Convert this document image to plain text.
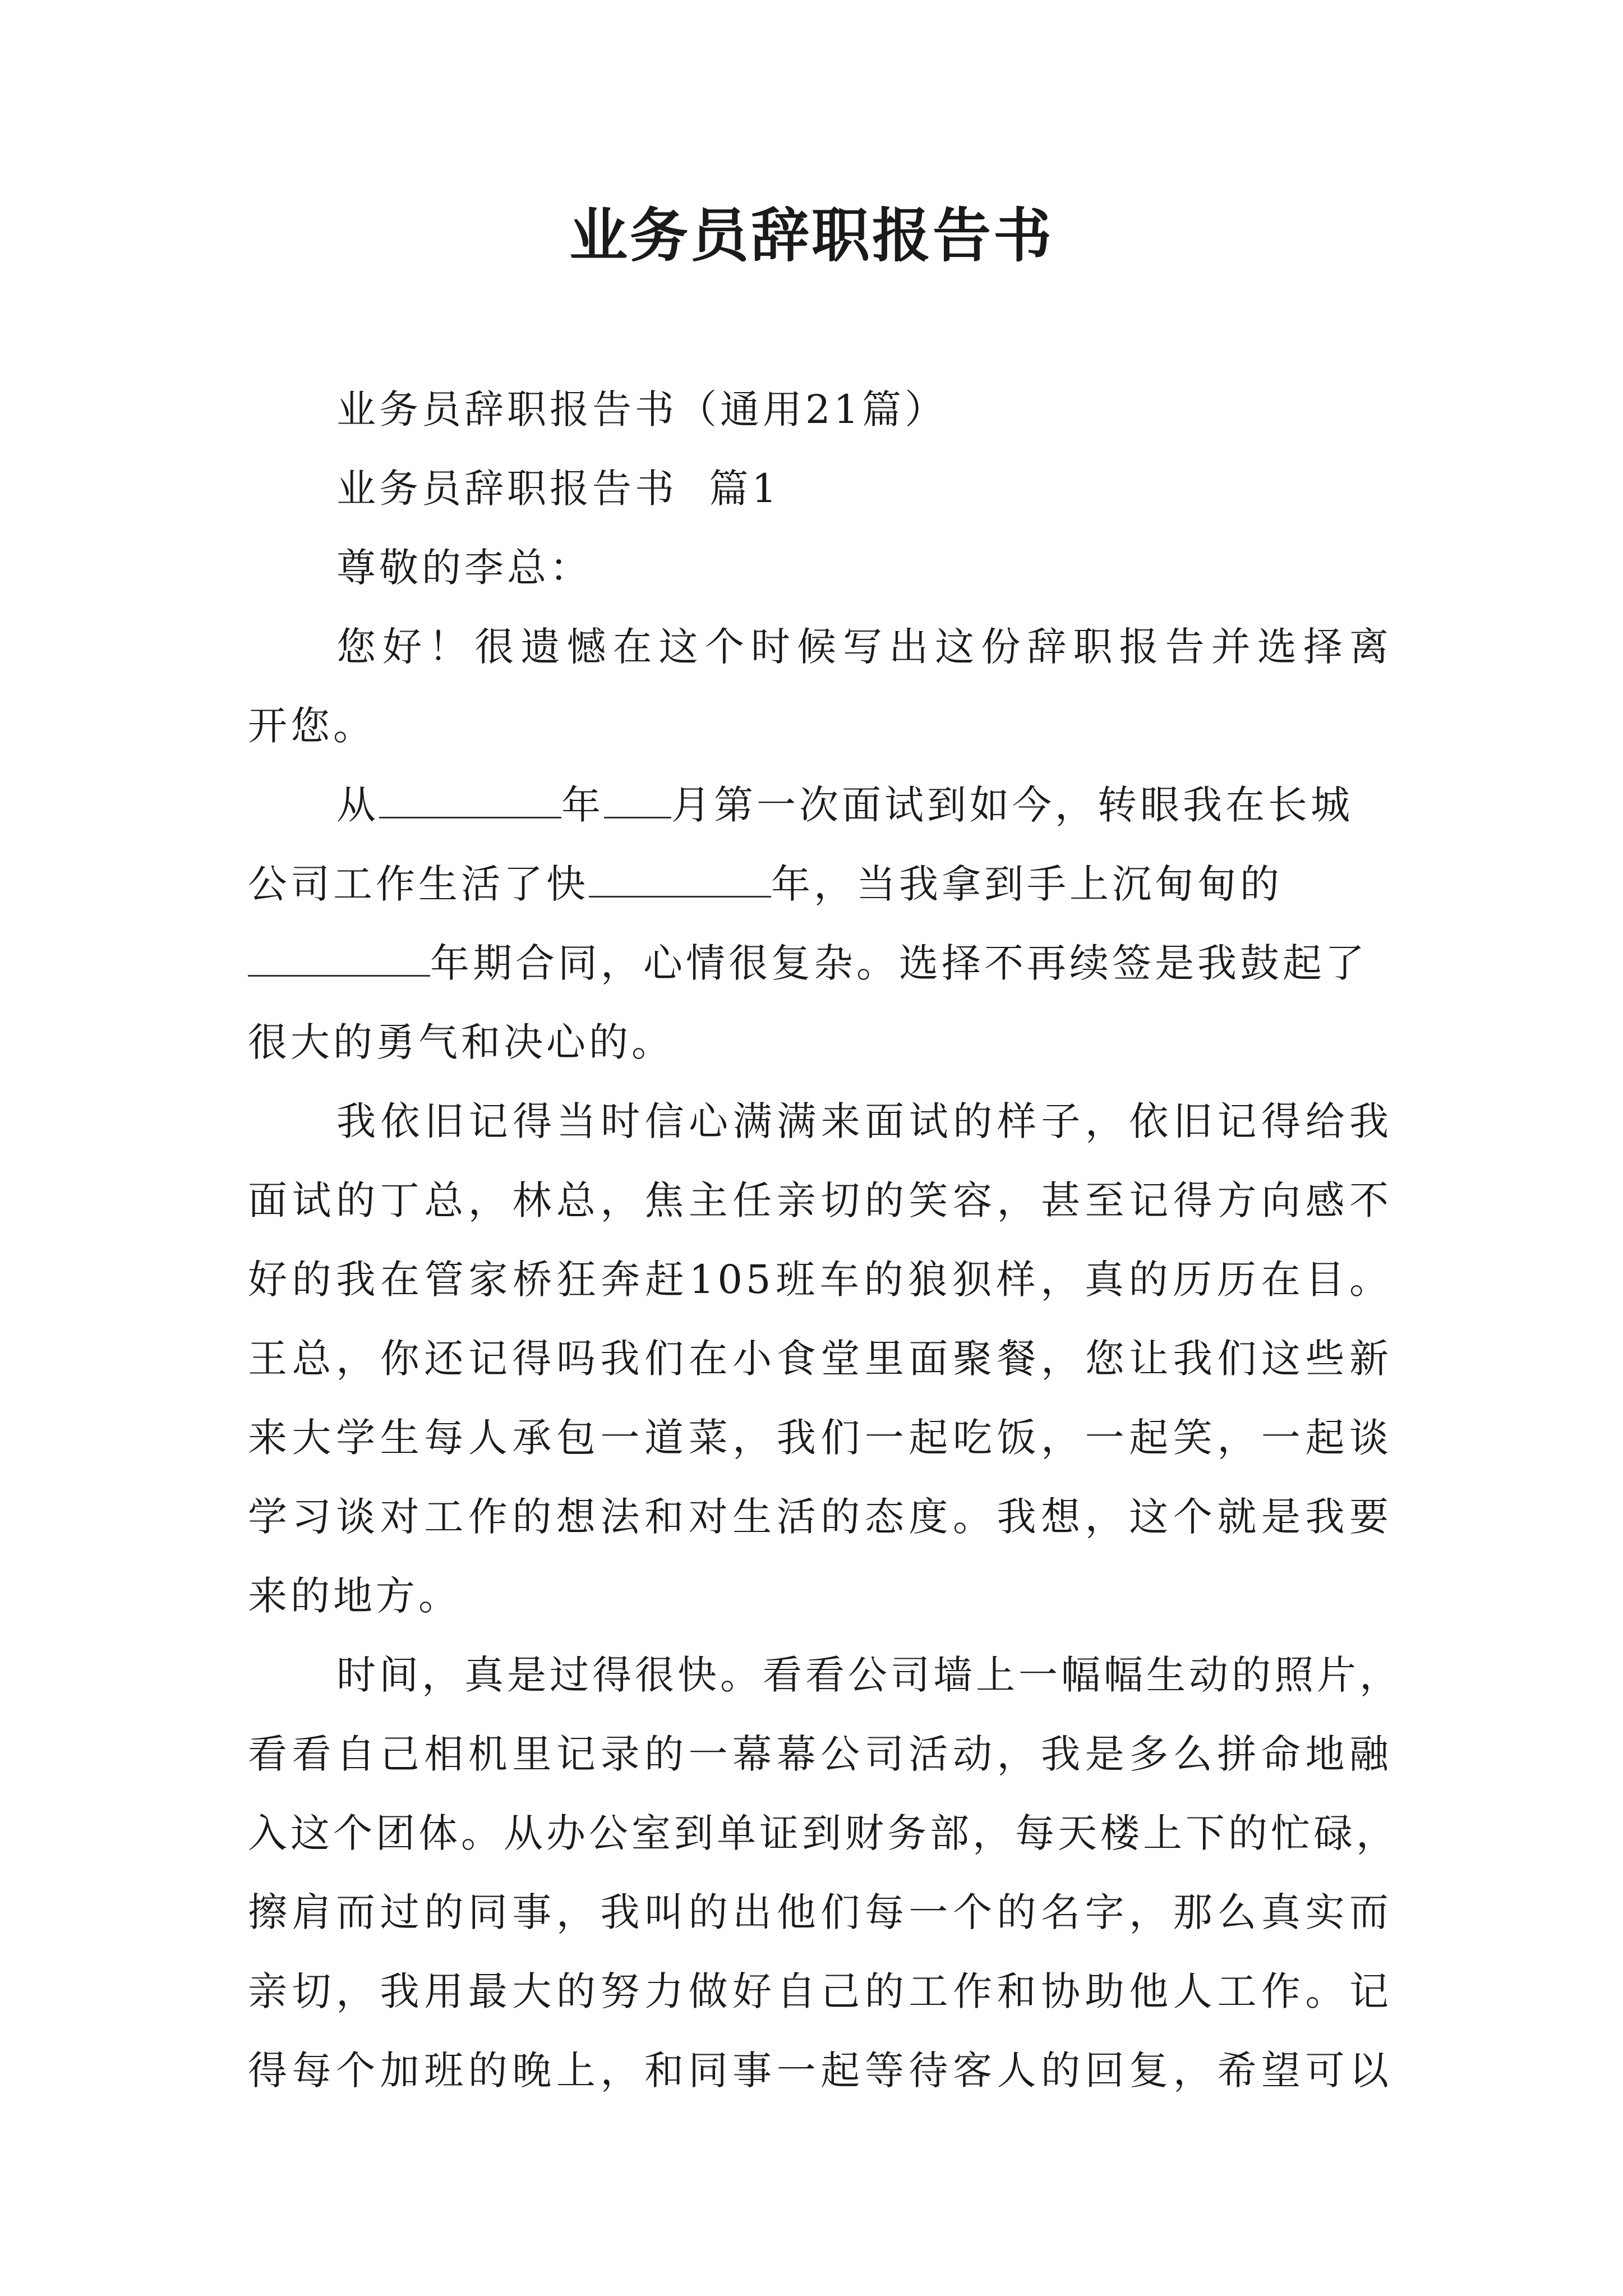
业务员辞职报告书
业务员辞职报告书（通用21篇）
业务员辞职报告书  篇1
尊敬的李总：
您好！很遗憾在这个时候写出这份辞职报告并选择离
开您。
从	年 月第一次面试到如今，转眼我在长城
公司工作生活了快	年，当我拿到手上沉甸甸的
年期合同，心情很复杂。选择不再续签是我鼓起了
很大的勇气和决心的。
我依旧记得当时信心满满来面试的样子，依旧记得给我
面试的丁总，林总，焦主任亲切的笑容，甚至记得方向感不
好的我在管家桥狂奔赶105班车的狼狈样，真的历历在目。
王总，你还记得吗我们在小食堂里面聚餐，您让我们这些新
来大学生每人承包一道菜，我们一起吃饭，一起笑，一起谈
学习谈对工作的想法和对生活的态度。我想，这个就是我要
来的地方。
时间，真是过得很快。看看公司墙上一幅幅生动的照片，
看看自己相机里记录的一幕幕公司活动，我是多么拼命地融
入这个团体。从办公室到单证到财务部，每天楼上下的忙碌，
擦肩而过的同事，我叫的出他们每一个的名字，那么真实而
亲切，我用最大的努力做好自己的工作和协助他人工作。记
得每个加班的晚上，和同事一起等待客人的回复，希望可以
